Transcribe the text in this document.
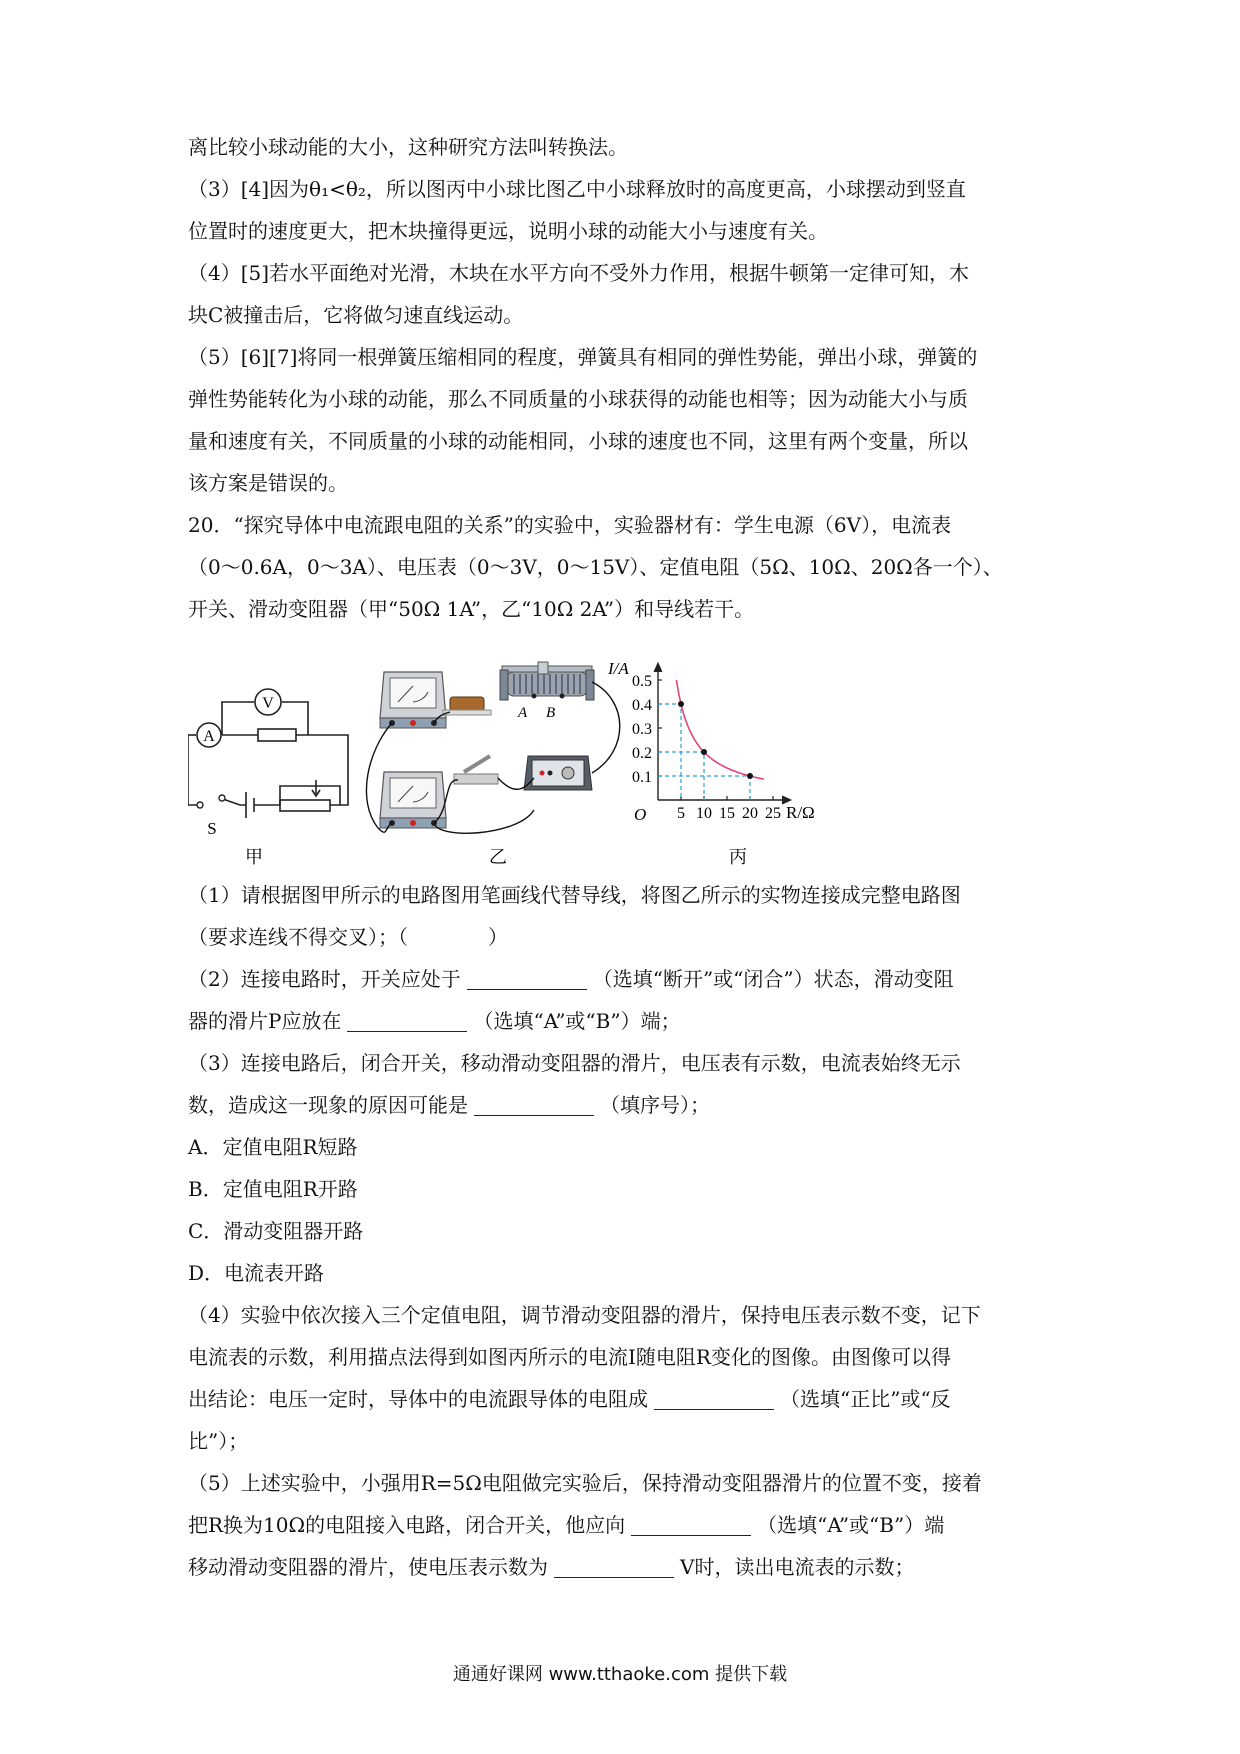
离比较小球动能的大小，这种研究方法叫转换法。
（3）[4]因为θ₁<θ₂，所以图丙中小球比图乙中小球释放时的高度更高，小球摆动到竖直
位置时的速度更大，把木块撞得更远，说明小球的动能大小与速度有关。
（4）[5]若水平面绝对光滑，木块在水平方向不受外力作用，根据牛顿第一定律可知，木
块C被撞击后，它将做匀速直线运动。
（5）[6][7]将同一根弹簧压缩相同的程度，弹簧具有相同的弹性势能，弹出小球，弹簧的
弹性势能转化为小球的动能，那么不同质量的小球获得的动能也相等；因为动能大小与质
量和速度有关，不同质量的小球的动能相同，小球的速度也不同，这里有两个变量，所以
该方案是错误的。
20．“探究导体中电流跟电阻的关系”的实验中，实验器材有：学生电源（6V），电流表
（0～0.6A，0～3A）、电压表（0～3V，0～15V）、定值电阻（5Ω、10Ω、20Ω各一个）、
开关、滑动变阻器（甲“50Ω 1A”，乙“10Ω 2A”）和导线若干。
A
V
S
甲
A B
乙
0.5
0.4
0.3
0.2
0.1
5 10 15 20 25
I/A
R/Ω
O
丙
（1）请根据图甲所示的电路图用笔画线代替导线，将图乙所示的实物连接成完整电路图
（要求连线不得交叉）；（	）
（2）连接电路时，开关应处于	（选填“断开”或“闭合”）状态，滑动变阻
器的滑片P应放在	（选填“A”或“B”）端；
（3）连接电路后，闭合开关，移动滑动变阻器的滑片，电压表有示数，电流表始终无示
数，造成这一现象的原因可能是	（填序号）；
A．定值电阻R短路
B．定值电阻R开路
C．滑动变阻器开路
D．电流表开路
（4）实验中依次接入三个定值电阻，调节滑动变阻器的滑片，保持电压表示数不变，记下
电流表的示数，利用描点法得到如图丙所示的电流I随电阻R变化的图像。由图像可以得
出结论：电压一定时，导体中的电流跟导体的电阻成	（选填“正比”或“反
比”）；
（5）上述实验中，小强用R=5Ω电阻做完实验后，保持滑动变阻器滑片的位置不变，接着
把R换为10Ω的电阻接入电路，闭合开关，他应向	（选填“A”或“B”）端
移动滑动变阻器的滑片，使电压表示数为	V时，读出电流表的示数；
通通好课网 www.tthaoke.com 提供下载
